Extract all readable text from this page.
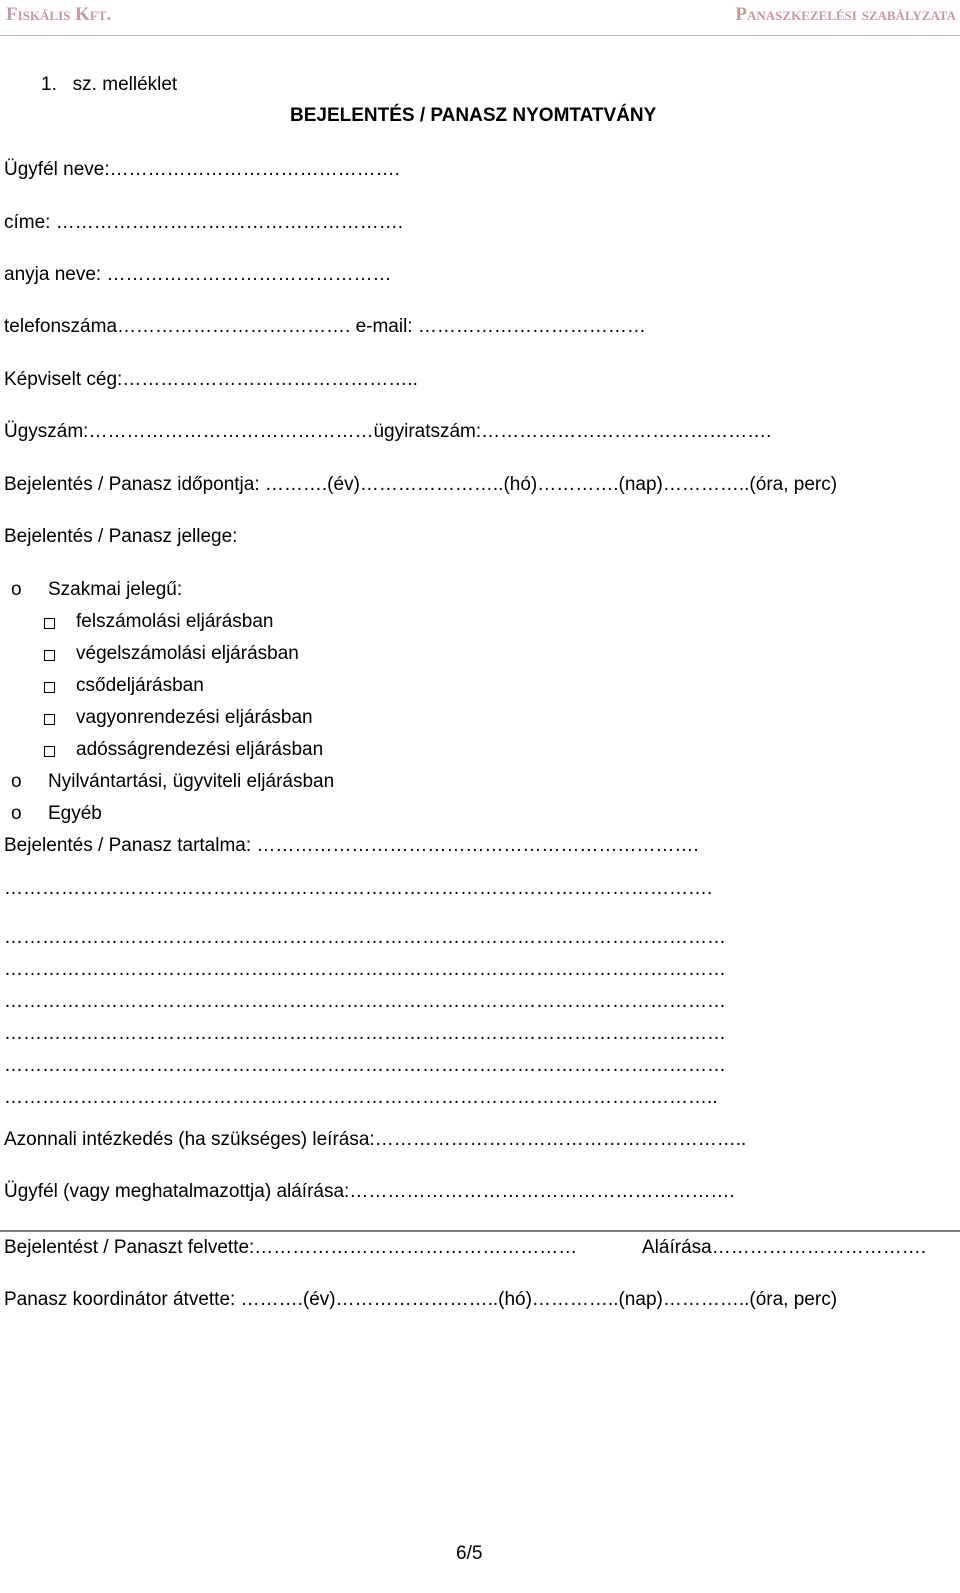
Fiskális Kft.	Panaszkezelési szabályzata
1.   sz. melléklet
BEJELENTÉS / PANASZ NYOMTATVÁNY
Ügyfél neve:……………………………………….
címe: ……………………………………………….
anyja neve: ………………………………………
telefonszáma………………………………. e-mail: ………………………………
Képviselt cég:………………………………………..
Ügyszám:………………………………………ügyiratszám:……………………………………….
Bejelentés / Panasz időpontja: ……….(év)…………………..(hó)………….(nap)…………..(óra, perc)
Bejelentés / Panasz jellege:
o Szakmai jelegű:
felszámolási eljárásban
végelszámolási eljárásban
csődeljárásban
vagyonrendezési eljárásban
adósságrendezési eljárásban
o Nyilvántartási, ügyviteli eljárásban
o Egyéb
Bejelentés / Panasz tartalma: …………………………………………………………….
………………………………………………………………………………………………….
……………………………………………………………………………………………………
……………………………………………………………………………………………………
……………………………………………………………………………………………………
……………………………………………………………………………………………………
……………………………………………………………………………………………………
…………………………………………………………………………………………………..
Azonnali intézkedés (ha szükséges) leírása:…………………………………………………..
Ügyfél (vagy meghatalmazottja) aláírása:…………………………………………………….
Bejelentést / Panaszt felvette:……………………………………………	Aláírása…………………………….
Panasz koordinátor átvette: ……….(év)……………………..(hó)…………..(nap)…………..(óra, perc)
6/5
